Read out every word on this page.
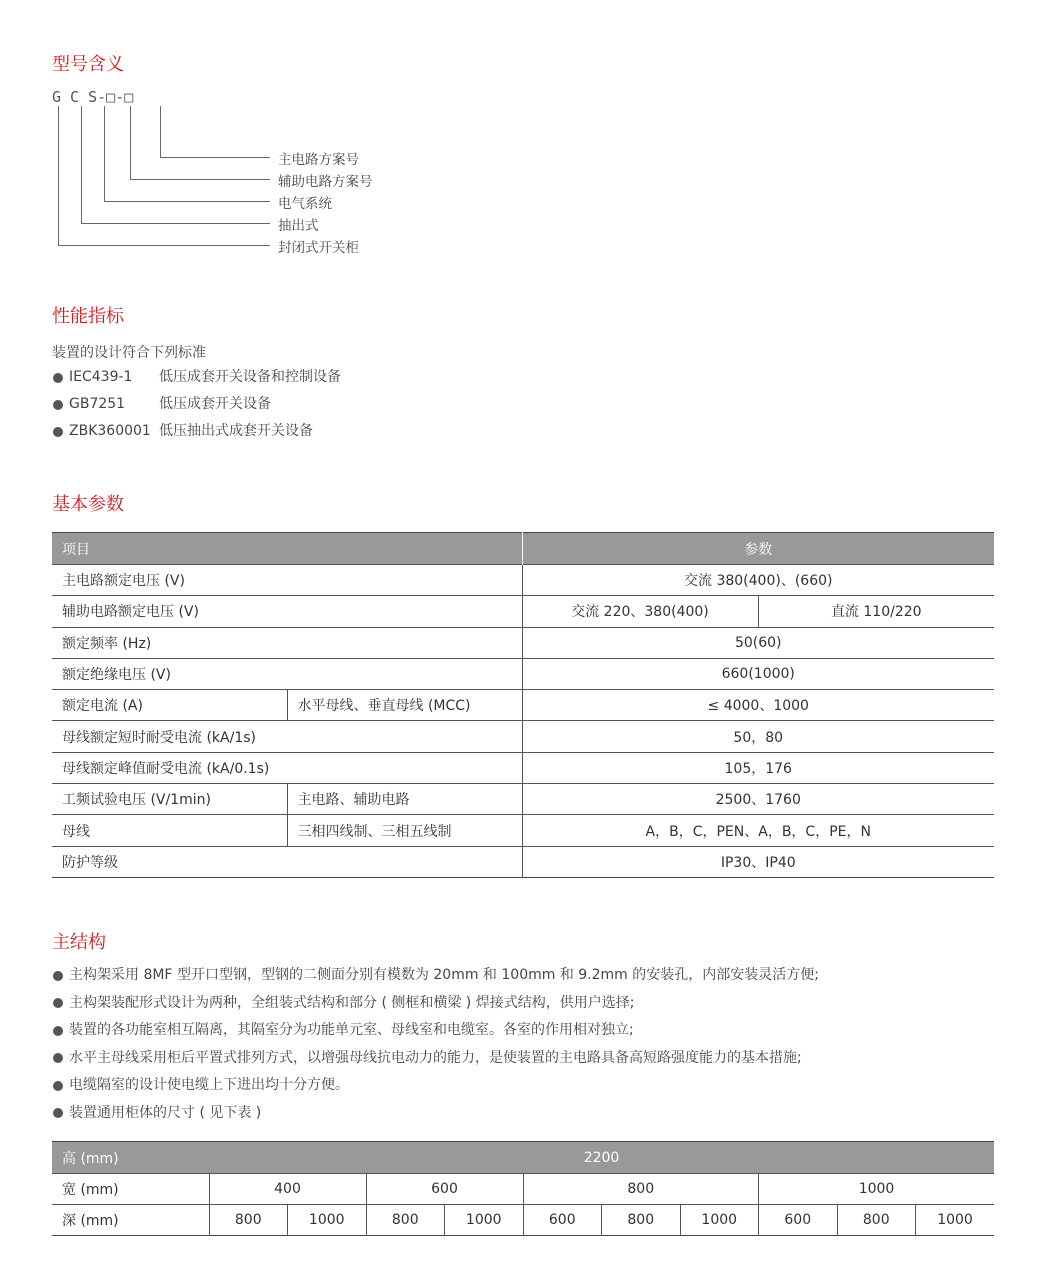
型号含义
G C S-□-□
主电路方案号
辅助电路方案号
电气系统
抽出式
封闭式开关柜
性能指标
装置的设计符合下列标准
IEC439-1 低压成套开关设备和控制设备
GB7251 低压成套开关设备
ZBK360001 低压抽出式成套开关设备
基本参数
项目		参数	
主电路额定电压 (V)		交流 380(400)、(660)	
辅助电路额定电压 (V)		交流 220、380(400)	直流 110/220
额定频率 (Hz)		50(60)	
额定绝缘电压 (V)		660(1000)	
额定电流 (A)	水平母线、垂直母线 (MCC)	≤ 4000、1000	
母线额定短时耐受电流 (kA/1s)		50，80	
母线额定峰值耐受电流 (kA/0.1s)		105，176	
工频试验电压 (V/1min)	主电路、辅助电路	2500、1760	
母线	三相四线制、三相五线制	A，B，C，PEN、A，B，C，PE，N	
防护等级		IP30、IP40	
主结构
主构架采用 8MF 型开口型钢，型钢的二侧面分别有模数为 20mm 和 100mm 和 9.2mm 的安装孔，内部安装灵活方便;
主构架装配形式设计为两种，全组装式结构和部分 ( 侧框和横梁 ) 焊接式结构，供用户选择;
装置的各功能室相互隔离，其隔室分为功能单元室、母线室和电缆室。各室的作用相对独立;
水平主母线采用柜后平置式排列方式，以增强母线抗电动力的能力，是使装置的主电路具备高短路强度能力的基本措施;
电缆隔室的设计使电缆上下进出均十分方便。
装置通用柜体的尺寸 ( 见下表 )
高 (mm)	2200									
宽 (mm)	400		600		800			1000		
深 (mm)	800	1000	800	1000	600	800	1000	600	800	1000
